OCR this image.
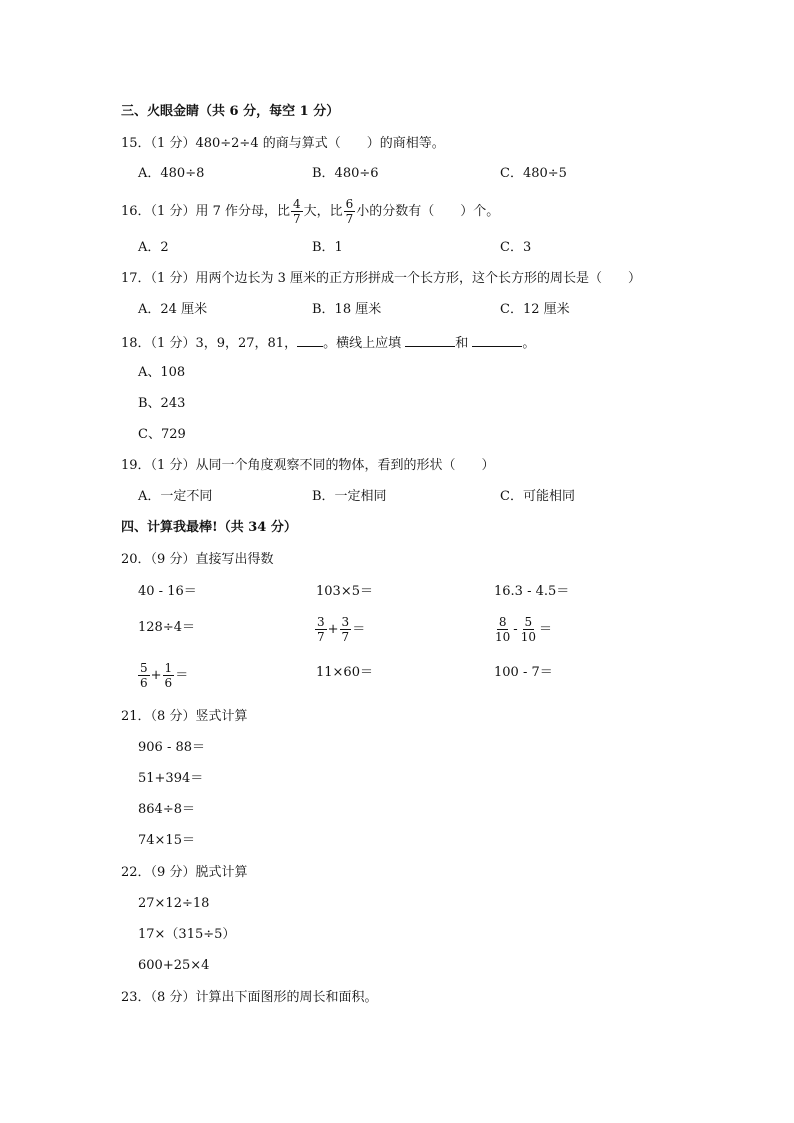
三、火眼金睛（共 6 分，每空 1 分）
15．（1 分）480÷2÷4 的商与算式（　　）的商相等。
A．480÷8	B．480÷6	C．480÷5
16．（1 分）用 7 作分母，比 $\frac{4}{7}$ 大，比 $\frac{6}{7}$ 小的分数有（　　）个。
A．2	B．1	C．3
17．（1 分）用两个边长为 3 厘米的正方形拼成一个长方形，这个长方形的周长是（　　）
A．24 厘米	B．18 厘米	C．12 厘米
18．（1 分）3，9，27，81， 。横线上应填	和	。
A、108
B、243
C、729
19．（1 分）从同一个角度观察不同的物体，看到的形状（　　）
A．一定不同	B．一定相同	C．可能相同
四、计算我最棒!（共 34 分）
20．（9 分）直接写出得数
40 - 16＝	103×5＝	16.3 - 4.5＝
128÷4＝	$\frac{3}{7} + \frac{3}{7}$ ＝	$\frac{8}{10} - \frac{5}{10}$ ＝
$\frac{5}{6} + \frac{1}{6}$ ＝	11×60＝	100 - 7＝
21．（8 分）竖式计算
906 - 88＝
51+394＝
864÷8＝
74×15＝
22．（9 分）脱式计算
27×12÷18
17×（315÷5）
600+25×4
23．（8 分）计算出下面图形的周长和面积。
